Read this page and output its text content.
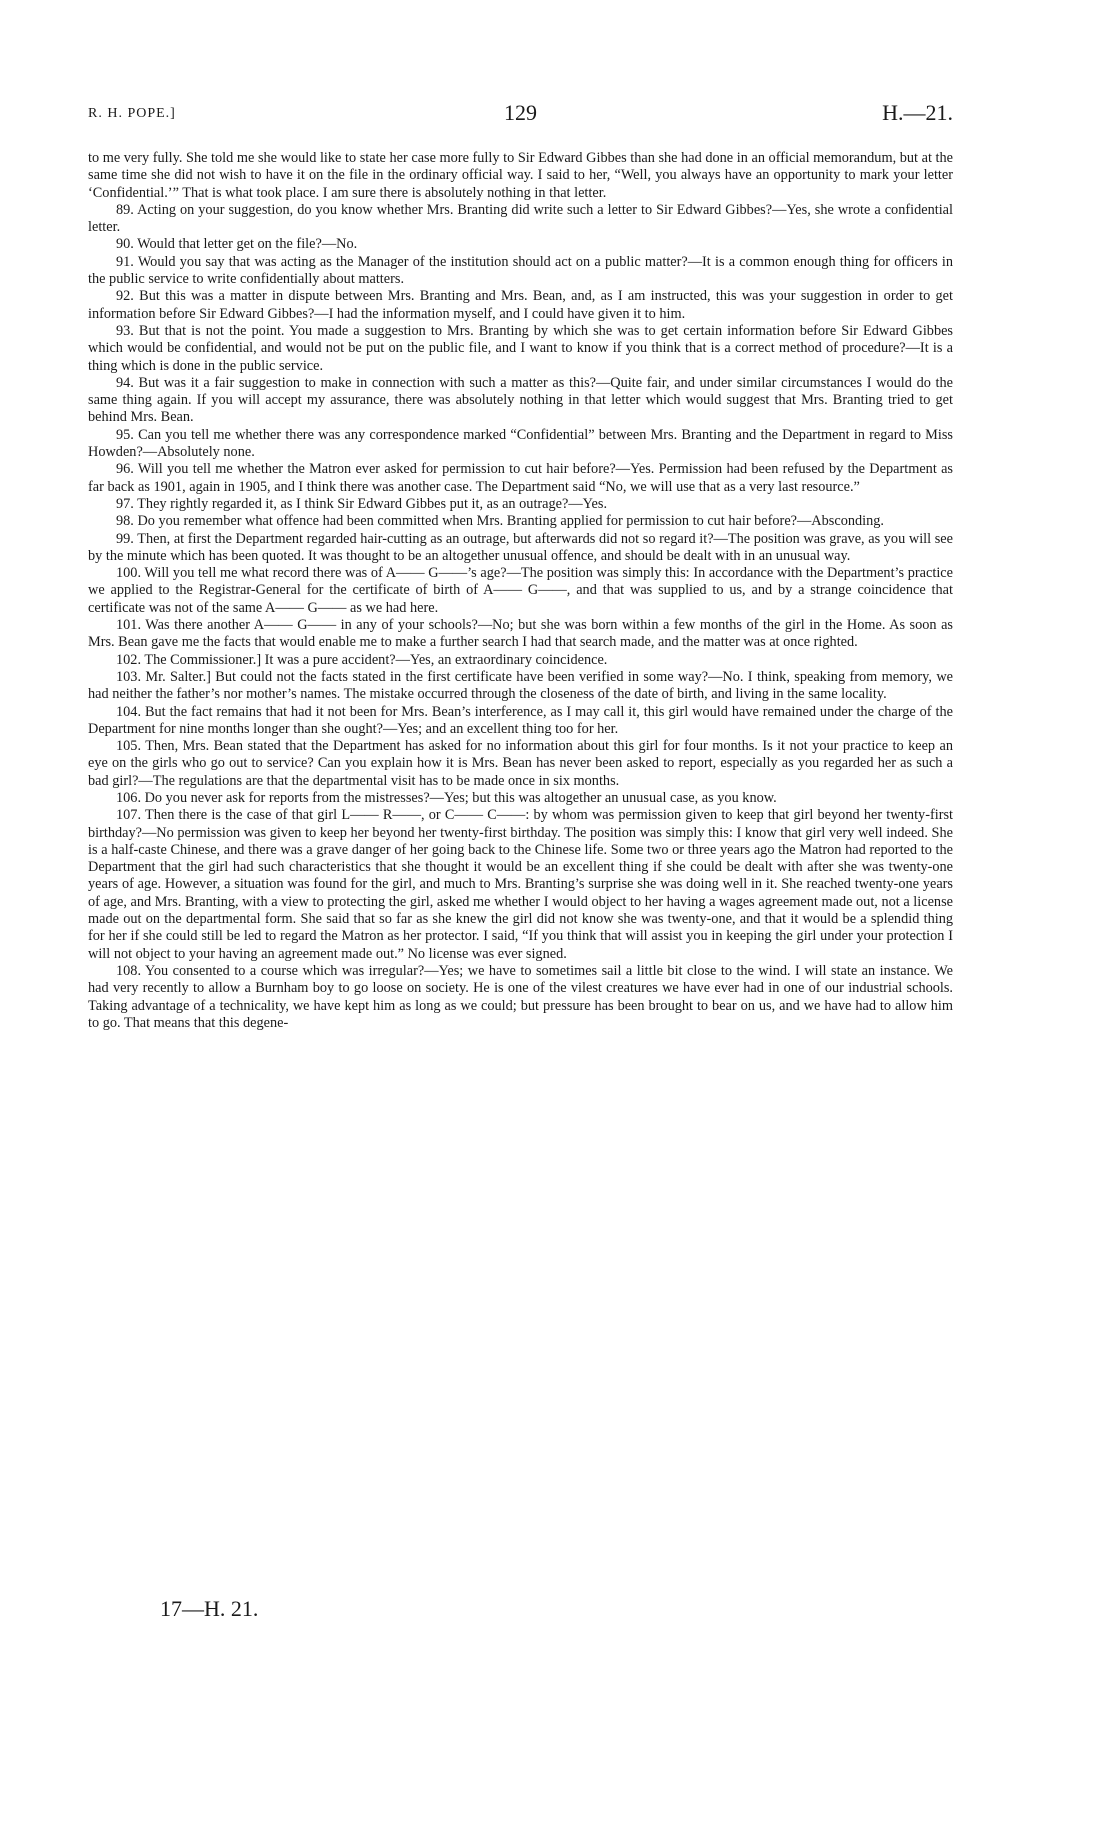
R. H. POPE.]	129	H.—21.

to me very fully. She told me she would like to state her case more fully to Sir Edward Gibbes than she had done in an official memorandum, but at the same time she did not wish to have it on the file in the ordinary official way. I said to her, “Well, you always have an opportunity to mark your letter ‘Confidential.’” That is what took place. I am sure there is absolutely nothing in that letter.

89. Acting on your suggestion, do you know whether Mrs. Branting did write such a letter to Sir Edward Gibbes?—Yes, she wrote a confidential letter.

90. Would that letter get on the file?—No.

91. Would you say that was acting as the Manager of the institution should act on a public matter?—It is a common enough thing for officers in the public service to write confidentially about matters.

92. But this was a matter in dispute between Mrs. Branting and Mrs. Bean, and, as I am instructed, this was your suggestion in order to get information before Sir Edward Gibbes?—I had the information myself, and I could have given it to him.

93. But that is not the point. You made a suggestion to Mrs. Branting by which she was to get certain information before Sir Edward Gibbes which would be confidential, and would not be put on the public file, and I want to know if you think that is a correct method of procedure?—It is a thing which is done in the public service.

94. But was it a fair suggestion to make in connection with such a matter as this?—Quite fair, and under similar circumstances I would do the same thing again. If you will accept my assurance, there was absolutely nothing in that letter which would suggest that Mrs. Branting tried to get behind Mrs. Bean.

95. Can you tell me whether there was any correspondence marked “Confidential” between Mrs. Branting and the Department in regard to Miss Howden?—Absolutely none.

96. Will you tell me whether the Matron ever asked for permission to cut hair before?—Yes. Permission had been refused by the Department as far back as 1901, again in 1905, and I think there was another case. The Department said “No, we will use that as a very last resource.”

97. They rightly regarded it, as I think Sir Edward Gibbes put it, as an outrage?—Yes.

98. Do you remember what offence had been committed when Mrs. Branting applied for permission to cut hair before?—Absconding.

99. Then, at first the Department regarded hair-cutting as an outrage, but afterwards did not so regard it?—The position was grave, as you will see by the minute which has been quoted. It was thought to be an altogether unusual offence, and should be dealt with in an unusual way.

100. Will you tell me what record there was of A—— G——’s age?—The position was simply this: In accordance with the Department’s practice we applied to the Registrar-General for the certificate of birth of A—— G——, and that was supplied to us, and by a strange coincidence that certificate was not of the same A—— G—— as we had here.

101. Was there another A—— G—— in any of your schools?—No; but she was born within a few months of the girl in the Home. As soon as Mrs. Bean gave me the facts that would enable me to make a further search I had that search made, and the matter was at once righted.

102. The Commissioner.] It was a pure accident?—Yes, an extraordinary coincidence.

103. Mr. Salter.] But could not the facts stated in the first certificate have been verified in some way?—No. I think, speaking from memory, we had neither the father’s nor mother’s names. The mistake occurred through the closeness of the date of birth, and living in the same locality.

104. But the fact remains that had it not been for Mrs. Bean’s interference, as I may call it, this girl would have remained under the charge of the Department for nine months longer than she ought?—Yes; and an excellent thing too for her.

105. Then, Mrs. Bean stated that the Department has asked for no information about this girl for four months. Is it not your practice to keep an eye on the girls who go out to service? Can you explain how it is Mrs. Bean has never been asked to report, especially as you regarded her as such a bad girl?—The regulations are that the departmental visit has to be made once in six months.

106. Do you never ask for reports from the mistresses?—Yes; but this was altogether an unusual case, as you know.

107. Then there is the case of that girl L—— R——, or C—— C——: by whom was permission given to keep that girl beyond her twenty-first birthday?—No permission was given to keep her beyond her twenty-first birthday. The position was simply this: I know that girl very well indeed. She is a half-caste Chinese, and there was a grave danger of her going back to the Chinese life. Some two or three years ago the Matron had reported to the Department that the girl had such characteristics that she thought it would be an excellent thing if she could be dealt with after she was twenty-one years of age. However, a situation was found for the girl, and much to Mrs. Branting’s surprise she was doing well in it. She reached twenty-one years of age, and Mrs. Branting, with a view to protecting the girl, asked me whether I would object to her having a wages agreement made out, not a license made out on the departmental form. She said that so far as she knew the girl did not know she was twenty-one, and that it would be a splendid thing for her if she could still be led to regard the Matron as her protector. I said, “If you think that will assist you in keeping the girl under your protection I will not object to your having an agreement made out.” No license was ever signed.

108. You consented to a course which was irregular?—Yes; we have to sometimes sail a little bit close to the wind. I will state an instance. We had very recently to allow a Burnham boy to go loose on society. He is one of the vilest creatures we have ever had in one of our industrial schools. Taking advantage of a technicality, we have kept him as long as we could; but pressure has been brought to bear on us, and we have had to allow him to go. That means that this degene-

17—H. 21.
